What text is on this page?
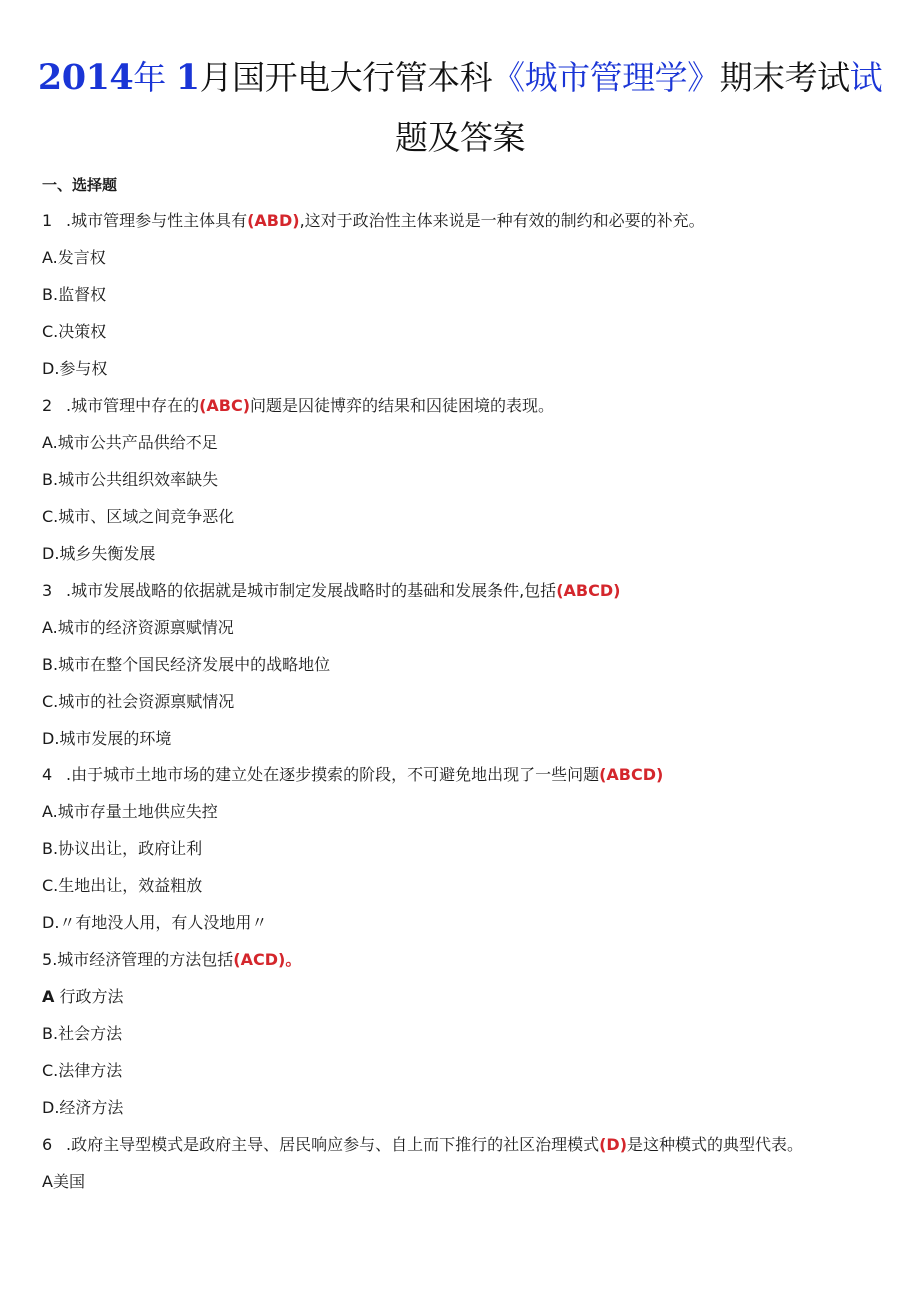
2014年 1月国开电大行管本科《城市管理学》期末考试试
题及答案
一、选择题
1 .城市管理参与性主体具有(ABD),这对于政治性主体来说是一种有效的制约和必要的补充。
A.发言权
B.监督权
C.决策权
D.参与权
2 .城市管理中存在的(ABC)问题是囚徒博弈的结果和囚徒困境的表现。
A.城市公共产品供给不足
B.城市公共组织效率缺失
C.城市、区域之间竞争恶化
D.城乡失衡发展
3 .城市发展战略的依据就是城市制定发展战略时的基础和发展条件,包括(ABCD)
A.城市的经济资源禀赋情况
B.城市在整个国民经济发展中的战略地位
C.城市的社会资源禀赋情况
D.城市发展的环境
4 .由于城市土地市场的建立处在逐步摸索的阶段，不可避免地出现了一些问题(ABCD)
A.城市存量土地供应失控
B.协议出让，政府让利
C.生地出让，效益粗放
D.〃有地没人用，有人没地用〃
5.城市经济管理的方法包括(ACD)。
A 行政方法
B.社会方法
C.法律方法
D.经济方法
6 .政府主导型模式是政府主导、居民响应参与、自上而下推行的社区治理模式(D)是这种模式的典型代表。
A美国
